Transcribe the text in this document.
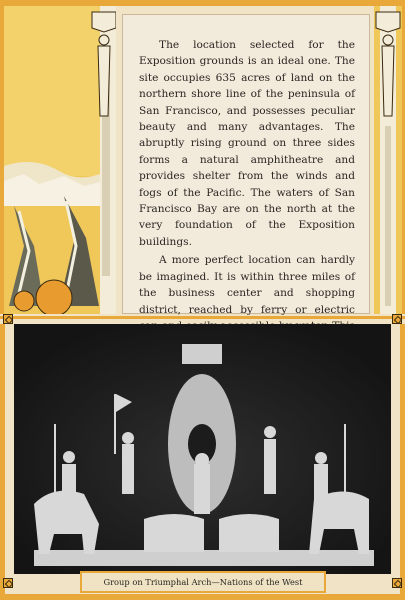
The location selected for the Exposition grounds is an ideal one. The site occupies 635 acres of land on the northern shore line of the peninsula of San Francisco, and possesses peculiar beauty and many advantages. The abruptly rising ground on three sides forms a natural amphitheatre and provides shelter from the winds and fogs of the Pacific. The waters of San Francisco Bay are on the north at the very foundation of the Exposition buildings.

A more perfect location can hardly be imagined. It is within three miles of the business center and shopping district, reached by ferry or electric

Group on Triumphal Arch—Nations of the West
